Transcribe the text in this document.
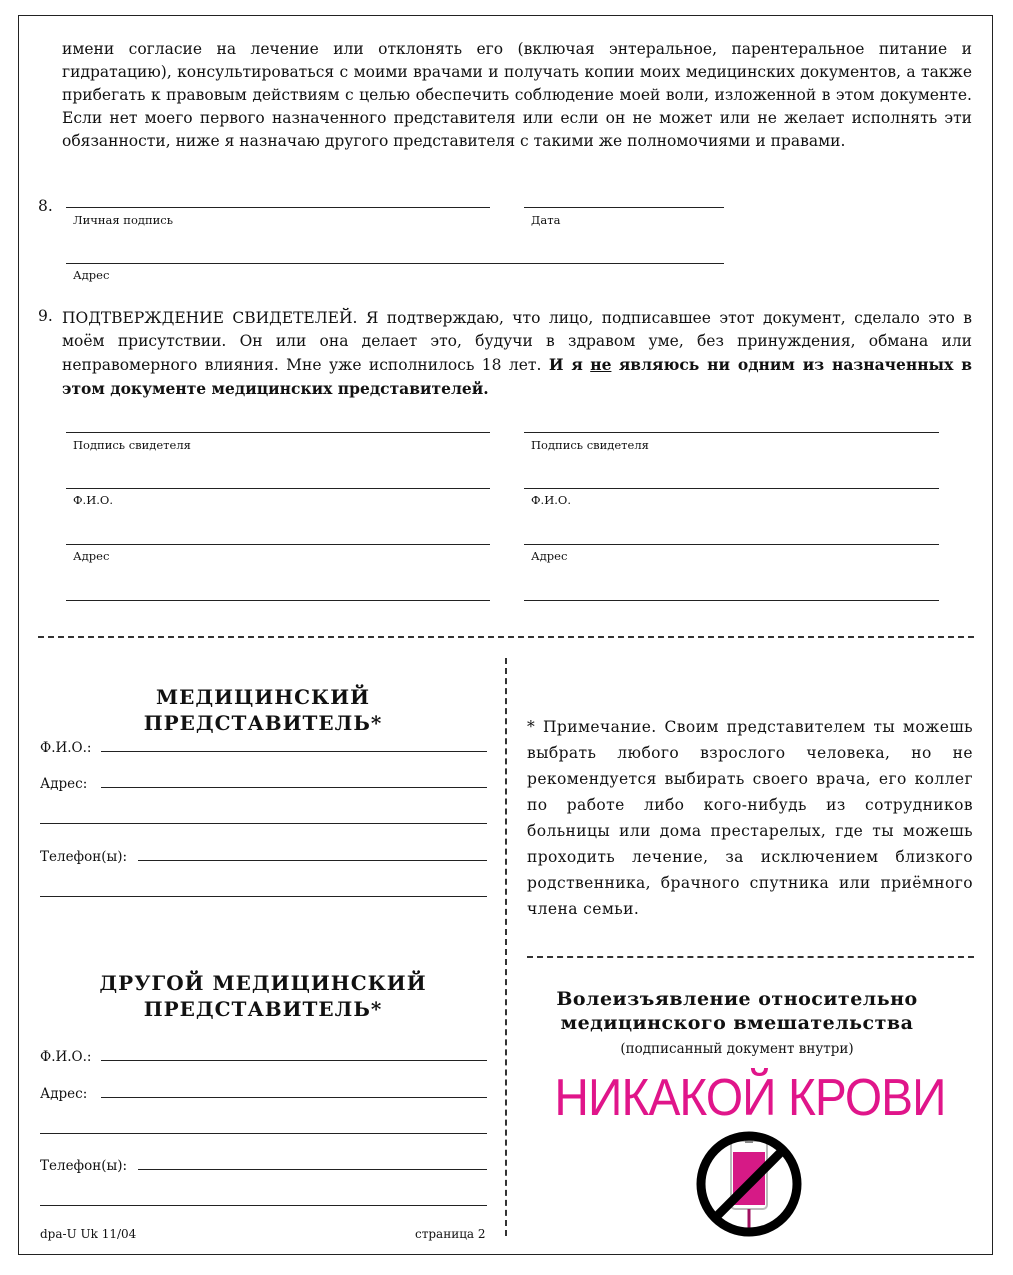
имени согласие на лечение или отклонять его (включая энтеральное, парентеральное питание и гидратацию), консультироваться с моими врачами и получать копии моих медицинских документов, а также прибегать к правовым действиям с целью обеспечить соблюдение моей воли, изложенной в этом документе. Если нет моего первого назначенного представителя или если он не может или не желает исполнять эти обязанности, ниже я назначаю другого представителя с такими же полномочиями и правами.
8.
Личная подпись	Дата
Адрес
9. ПОДТВЕРЖДЕНИЕ СВИДЕТЕЛЕЙ. Я подтверждаю, что лицо, подписавшее этот документ, сделало это в моём присутствии. Он или она делает это, будучи в здравом уме, без принуждения, обмана или неправомерного влияния. Мне уже исполнилось 18 лет. И я не являюсь ни одним из назначенных в этом документе медицинских представителей.
Подпись свидетеля
Ф.И.О.
Адрес
Подпись свидетеля
Ф.И.О.
Адрес
МЕДИЦИНСКИЙ ПРЕДСТАВИТЕЛЬ*
Ф.И.О.:
Адрес:
Телефон(ы):
ДРУГОЙ МЕДИЦИНСКИЙ
ПРЕДСТАВИТЕЛЬ*
Ф.И.О.:
Адрес:
Телефон(ы):
dpa-U Uk 11/04	страница 2
* Примечание. Своим представителем ты можешь выбрать любого взрослого человека, но не рекомендуется выбирать своего врача, его коллег по работе либо кого-нибудь из сотрудников больницы или дома престарелых, где ты можешь проходить лечение, за исключением близкого родственника, брачного спутника или приёмного члена семьи.
Волеизъявление относительно
медицинского вмешательства
(подписанный документ внутри)
НИКАКОЙ КРОВИ
